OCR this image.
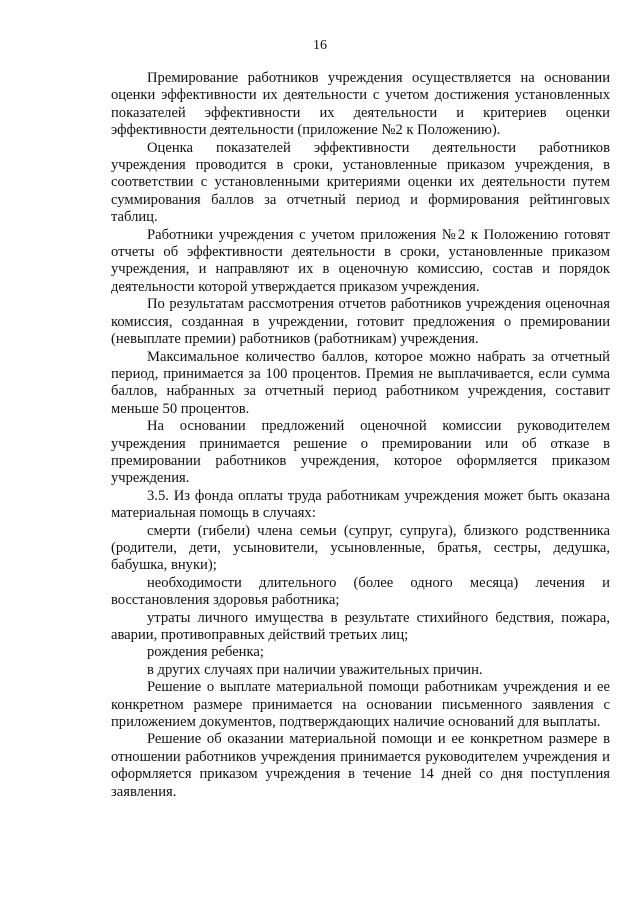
16

Премирование работников учреждения осуществляется на основании оценки эффективности их деятельности с учетом достижения установленных показателей эффективности их деятельности и критериев оценки эффективности деятельности (приложение №2 к Положению).

Оценка показателей эффективности деятельности работников учреждения проводится в сроки, установленные приказом учреждения, в соответствии с установленными критериями оценки их деятельности путем суммирования баллов за отчетный период и формирования рейтинговых таблиц.

Работники учреждения с учетом приложения №2 к Положению готовят отчеты об эффективности деятельности в сроки, установленные приказом учреждения, и направляют их в оценочную комиссию, состав и порядок деятельности которой утверждается приказом учреждения.

По результатам рассмотрения отчетов работников учреждения оценочная комиссия, созданная в учреждении, готовит предложения о премировании (невыплате премии) работников (работникам) учреждения.

Максимальное количество баллов, которое можно набрать за отчетный период, принимается за 100 процентов. Премия не выплачивается, если сумма баллов, набранных за отчетный период работником учреждения, составит меньше 50 процентов.

На основании предложений оценочной комиссии руководителем учреждения принимается решение о премировании или об отказе в премировании работников учреждения, которое оформляется приказом учреждения.

3.5. Из фонда оплаты труда работникам учреждения может быть оказана материальная помощь в случаях:

смерти (гибели) члена семьи (супруг, супруга), близкого родственника (родители, дети, усыновители, усыновленные, братья, сестры, дедушка, бабушка, внуки);

необходимости длительного (более одного месяца) лечения и восстановления здоровья работника;

утраты личного имущества в результате стихийного бедствия, пожара, аварии, противоправных действий третьих лиц;

рождения ребенка;

в других случаях при наличии уважительных причин.

Решение о выплате материальной помощи работникам учреждения и ее конкретном размере принимается на основании письменного заявления с приложением документов, подтверждающих наличие оснований для выплаты.

Решение об оказании материальной помощи и ее конкретном размере в отношении работников учреждения принимается руководителем учреждения и оформляется приказом учреждения в течение 14 дней со дня поступления заявления.
